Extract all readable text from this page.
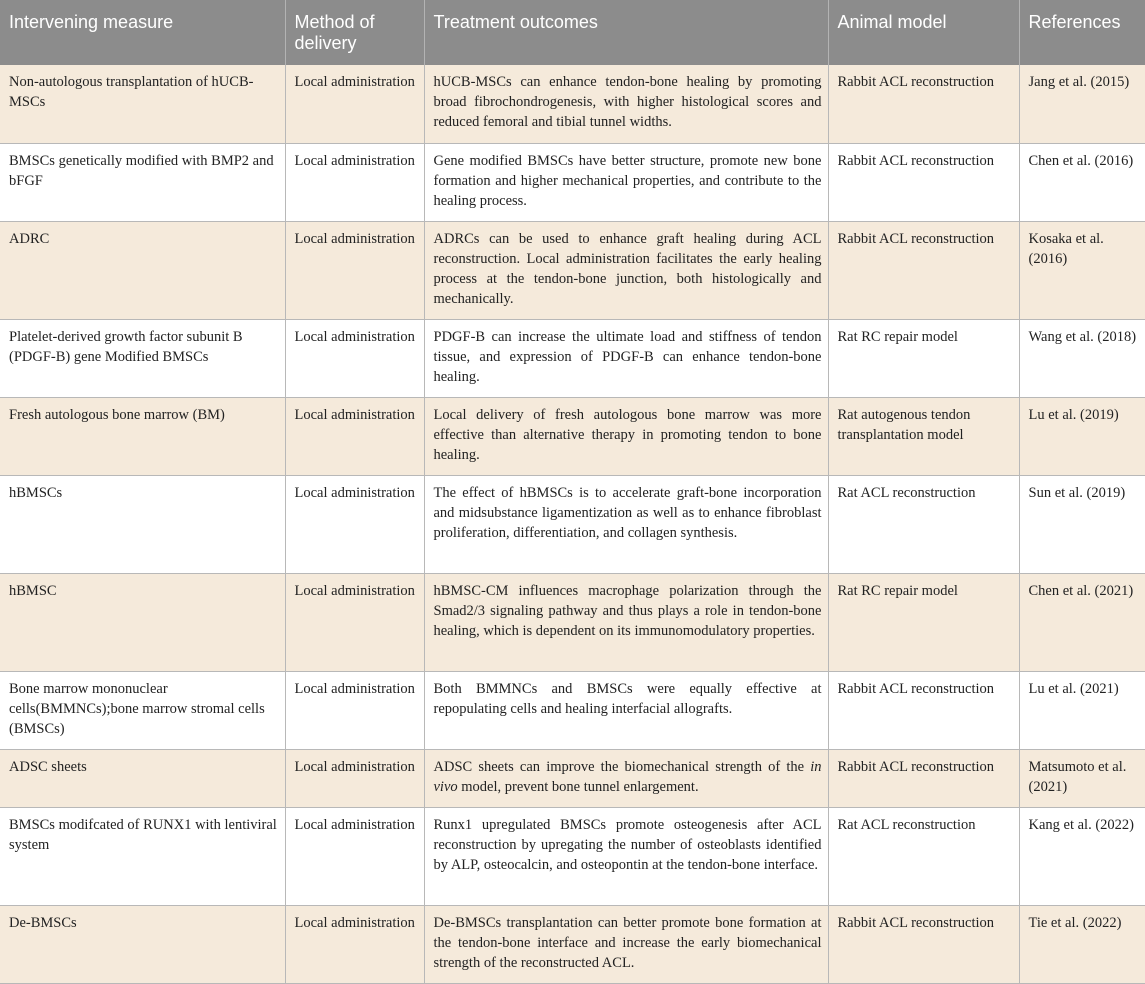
Intervening measure	Method of delivery	Treatment outcomes	Animal model	References
Non-autologous transplantation of hUCB-MSCs	Local administration	hUCB-MSCs can enhance tendon-bone healing by promoting broad fibrochondrogenesis, with higher histological scores and reduced femoral and tibial tunnel widths.	Rabbit ACL reconstruction	Jang et al. (2015)
BMSCs genetically modified with BMP2 and bFGF	Local administration	Gene modified BMSCs have better structure, promote new bone formation and higher mechanical properties, and contribute to the healing process.	Rabbit ACL reconstruction	Chen et al. (2016)
ADRC	Local administration	ADRCs can be used to enhance graft healing during ACL reconstruction. Local administration facilitates the early healing process at the tendon-bone junction, both histologically and mechanically.	Rabbit ACL reconstruction	Kosaka et al. (2016)
Platelet-derived growth factor subunit B (PDGF-B) gene Modified BMSCs	Local administration	PDGF-B can increase the ultimate load and stiffness of tendon tissue, and expression of PDGF-B can enhance tendon-bone healing.	Rat RC repair model	Wang et al. (2018)
Fresh autologous bone marrow (BM)	Local administration	Local delivery of fresh autologous bone marrow was more effective than alternative therapy in promoting tendon to bone healing.	Rat autogenous tendon transplantation model	Lu et al. (2019)
hBMSCs	Local administration	The effect of hBMSCs is to accelerate graft-bone incorporation and midsubstance ligamentization as well as to enhance fibroblast proliferation, differentiation, and collagen synthesis.	Rat ACL reconstruction	Sun et al. (2019)
hBMSC	Local administration	hBMSC-CM influences macrophage polarization through the Smad2/3 signaling pathway and thus plays a role in tendon-bone healing, which is dependent on its immunomodulatory properties.	Rat RC repair model	Chen et al. (2021)
Bone marrow mononuclear cells(BMMNCs);bone marrow stromal cells (BMSCs)	Local administration	Both BMMNCs and BMSCs were equally effective at repopulating cells and healing interfacial allografts.	Rabbit ACL reconstruction	Lu et al. (2021)
ADSC sheets	Local administration	ADSC sheets can improve the biomechanical strength of the in vivo model, prevent bone tunnel enlargement.	Rabbit ACL reconstruction	Matsumoto et al. (2021)
BMSCs modifcated of RUNX1 with lentiviral system	Local administration	Runx1 upregulated BMSCs promote osteogenesis after ACL reconstruction by upregating the number of osteoblasts identified by ALP, osteocalcin, and osteopontin at the tendon-bone interface.	Rat ACL reconstruction	Kang et al. (2022)
De-BMSCs	Local administration	De-BMSCs transplantation can better promote bone formation at the tendon-bone interface and increase the early biomechanical strength of the reconstructed ACL.	Rabbit ACL reconstruction	Tie et al. (2022)
